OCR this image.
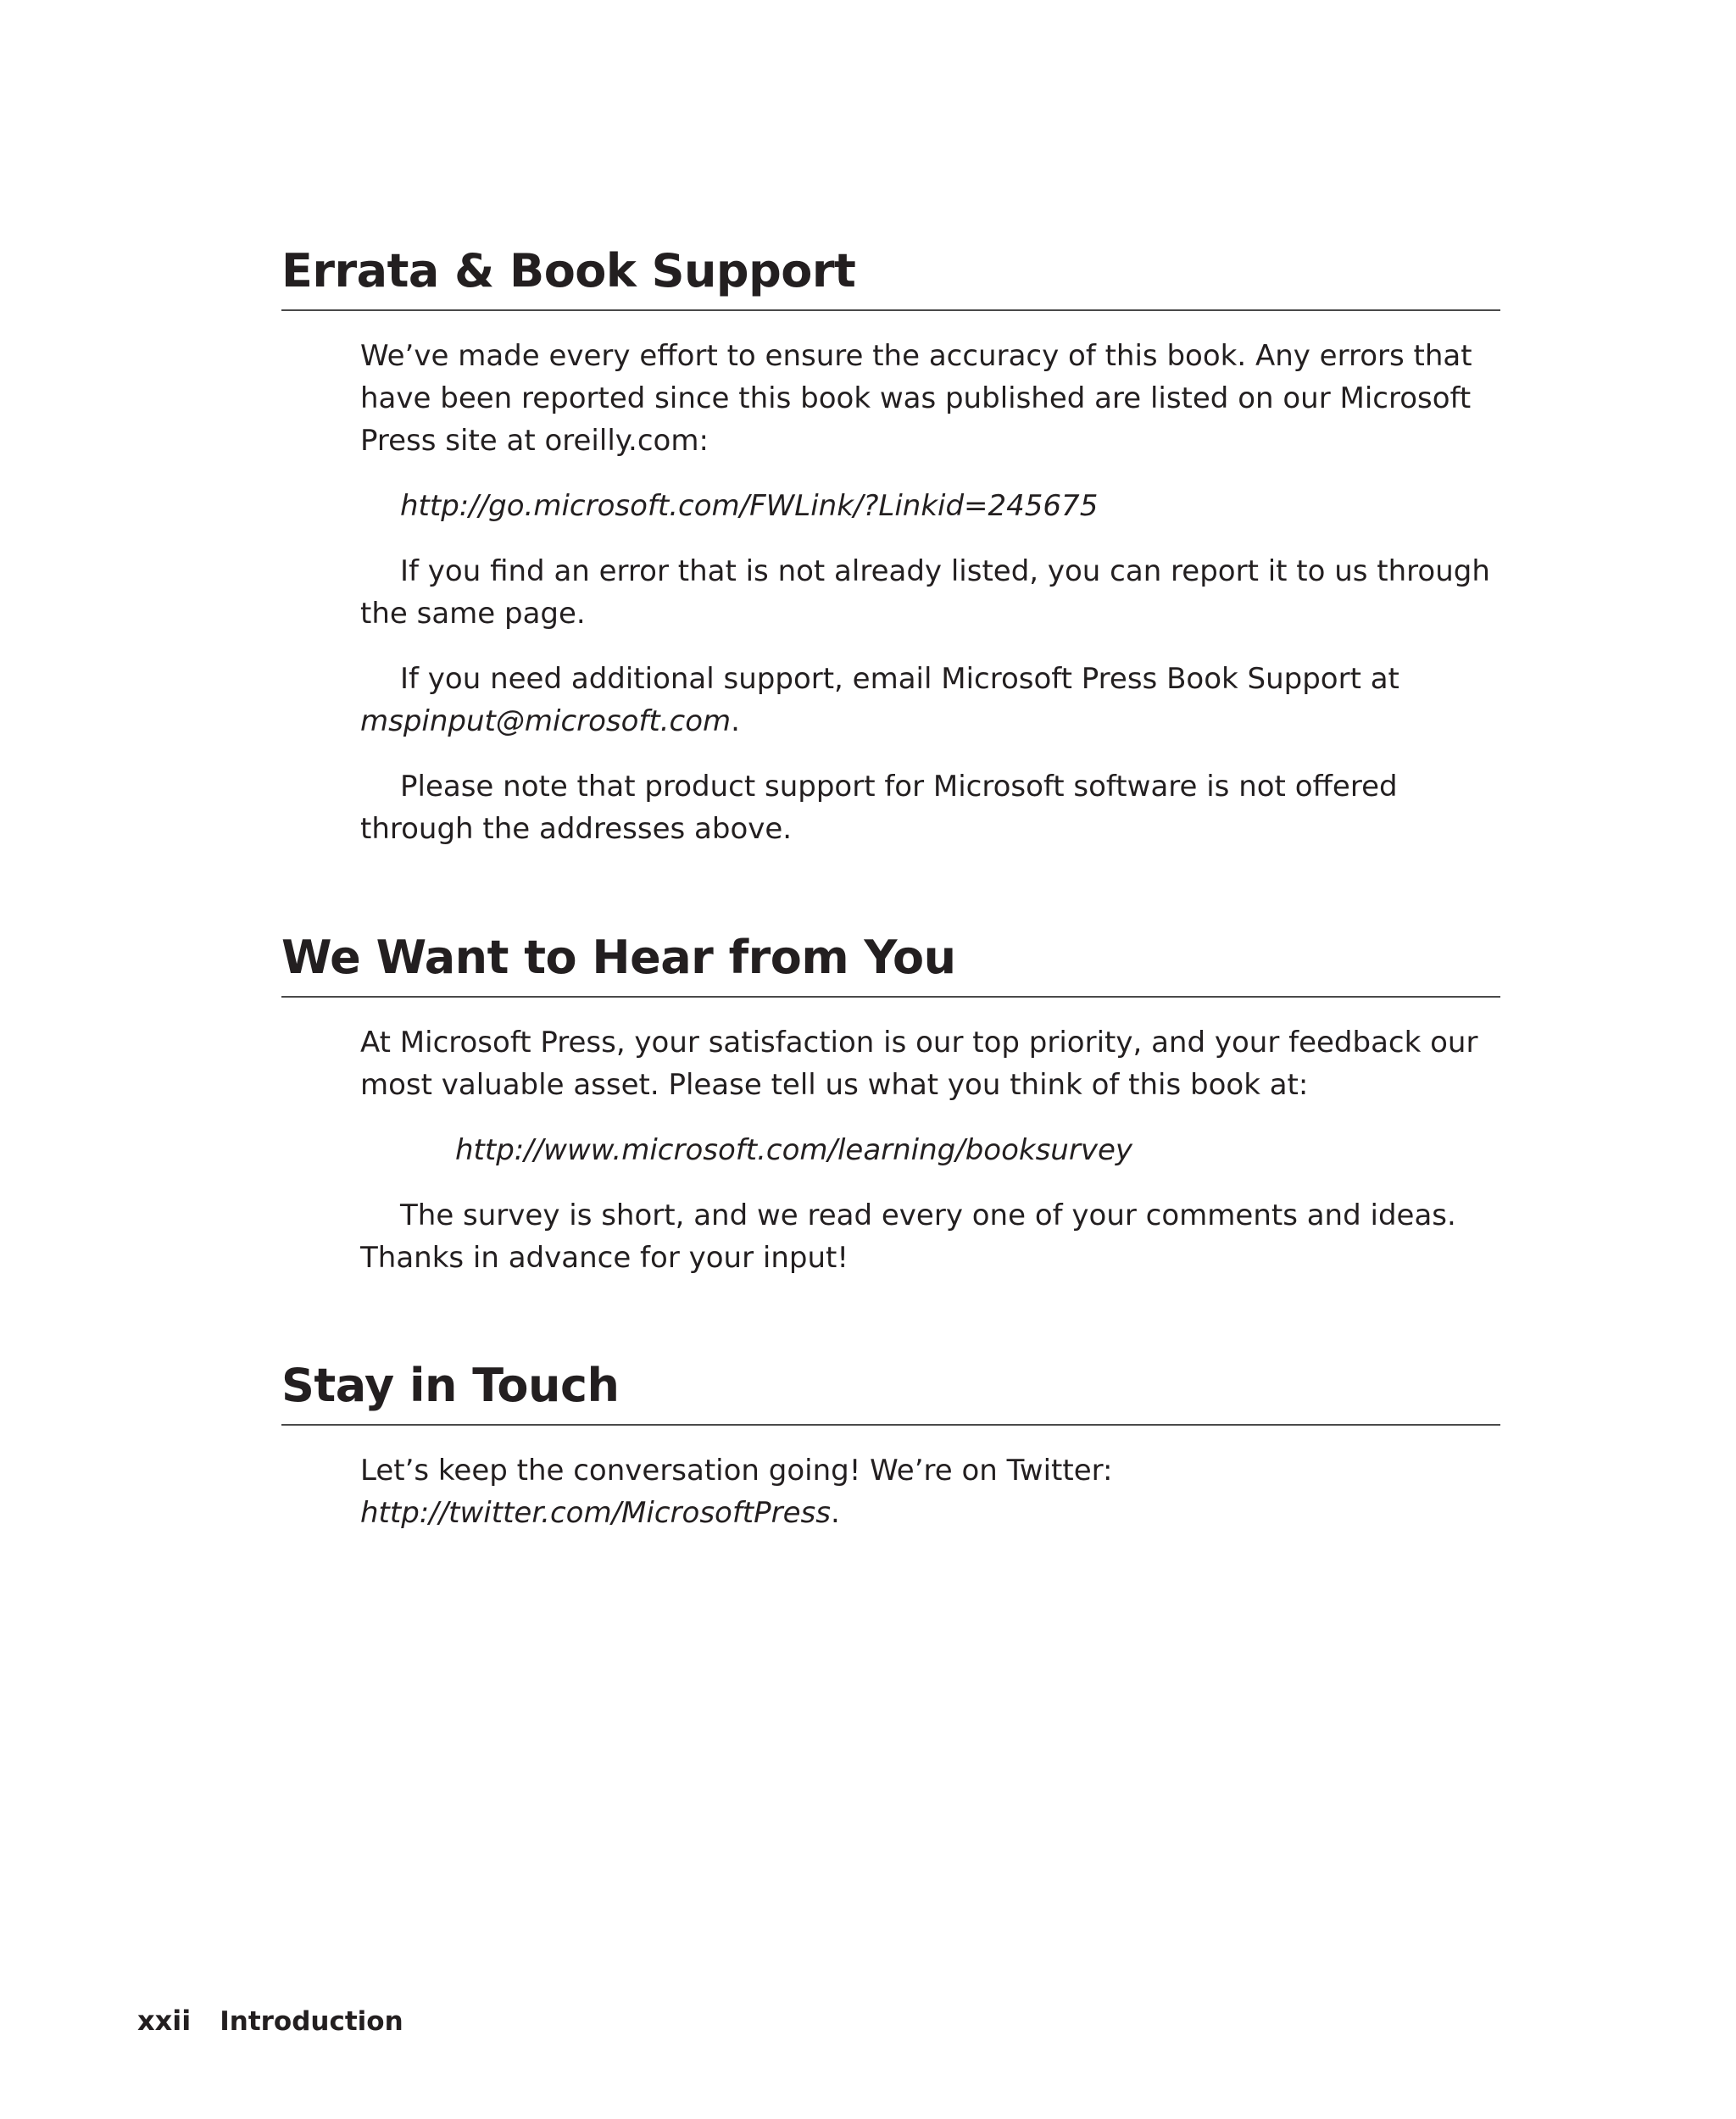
Errata & Book Support

We’ve made every effort to ensure the accuracy of this book. Any errors that have been reported since this book was published are listed on our Microsoft Press site at oreilly.com:

http://go.microsoft.com/FWLink/?Linkid=245675

If you find an error that is not already listed, you can report it to us through the same page.

If you need additional support, email Microsoft Press Book Support at mspinput@microsoft.com.

Please note that product support for Microsoft software is not offered through the addresses above.

We Want to Hear from You

At Microsoft Press, your satisfaction is our top priority, and your feedback our most valuable asset. Please tell us what you think of this book at:

http://www.microsoft.com/learning/booksurvey

The survey is short, and we read every one of your comments and ideas. Thanks in advance for your input!

Stay in Touch

Let’s keep the conversation going! We’re on Twitter: http://twitter.com/MicrosoftPress.

xxii Introduction
